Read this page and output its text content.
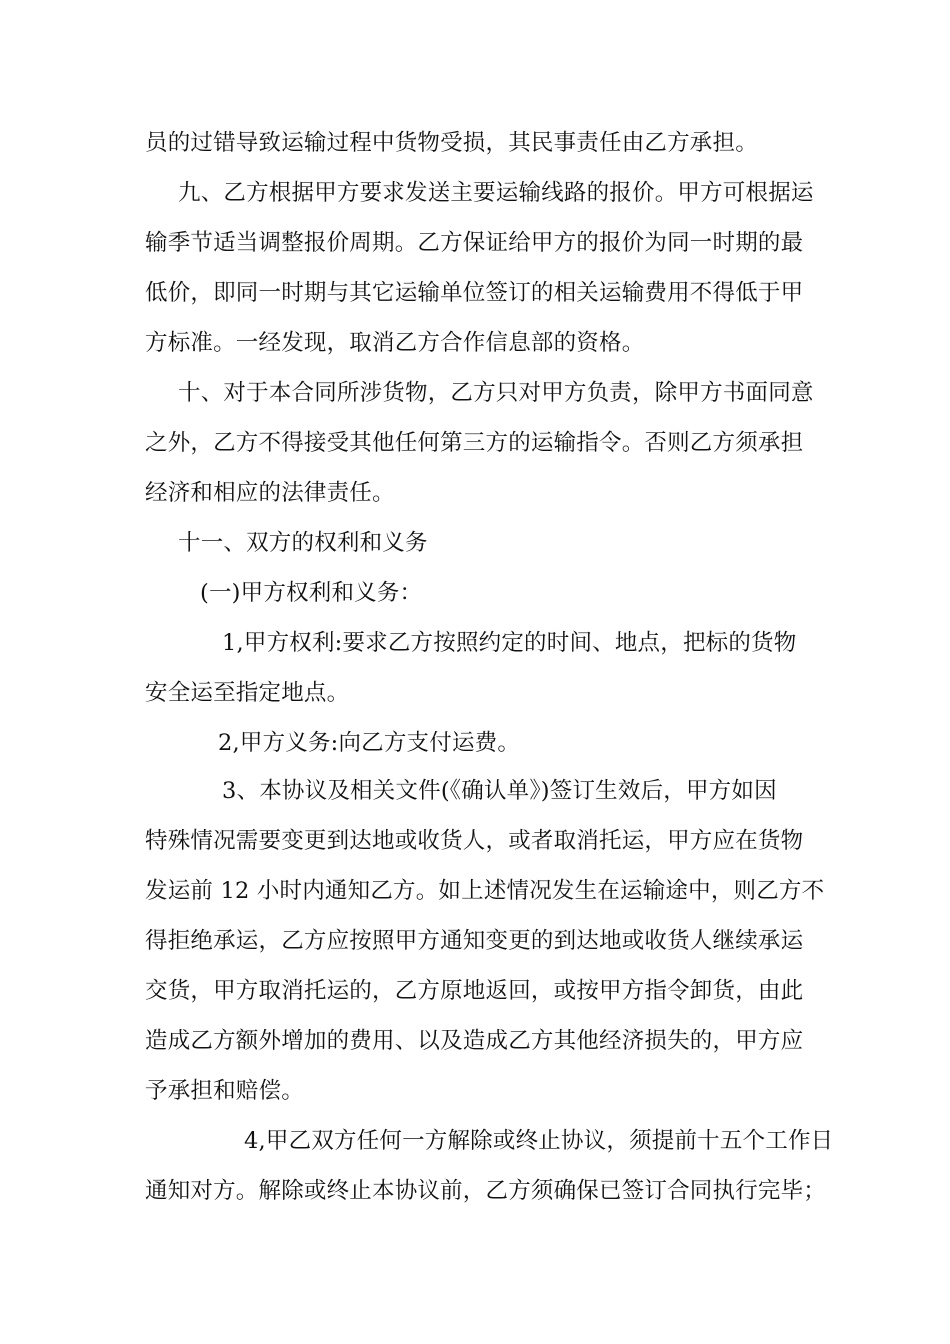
员的过错导致运输过程中货物受损，其民事责任由乙方承担。
九、乙方根据甲方要求发送主要运输线路的报价。甲方可根据运
输季节适当调整报价周期。乙方保证给甲方的报价为同一时期的最
低价，即同一时期与其它运输单位签订的相关运输费用不得低于甲
方标准。一经发现，取消乙方合作信息部的资格。
十、对于本合同所涉货物，乙方只对甲方负责，除甲方书面同意
之外，乙方不得接受其他任何第三方的运输指令。否则乙方须承担
经济和相应的法律责任。
十一、双方的权利和义务
(一)甲方权利和义务：
1,甲方权利:要求乙方按照约定的时间、地点，把标的货物
安全运至指定地点。
2,甲方义务:向乙方支付运费。
3、本协议及相关文件(《确认单》)签订生效后，甲方如因
特殊情况需要变更到达地或收货人，或者取消托运，甲方应在货物
发运前 12 小时内通知乙方。如上述情况发生在运输途中，则乙方不
得拒绝承运，乙方应按照甲方通知变更的到达地或收货人继续承运
交货，甲方取消托运的，乙方原地返回，或按甲方指令卸货，由此
造成乙方额外增加的费用、以及造成乙方其他经济损失的，甲方应
予承担和赔偿。
4,甲乙双方任何一方解除或终止协议，须提前十五个工作日
通知对方。解除或终止本协议前，乙方须确保已签订合同执行完毕；
